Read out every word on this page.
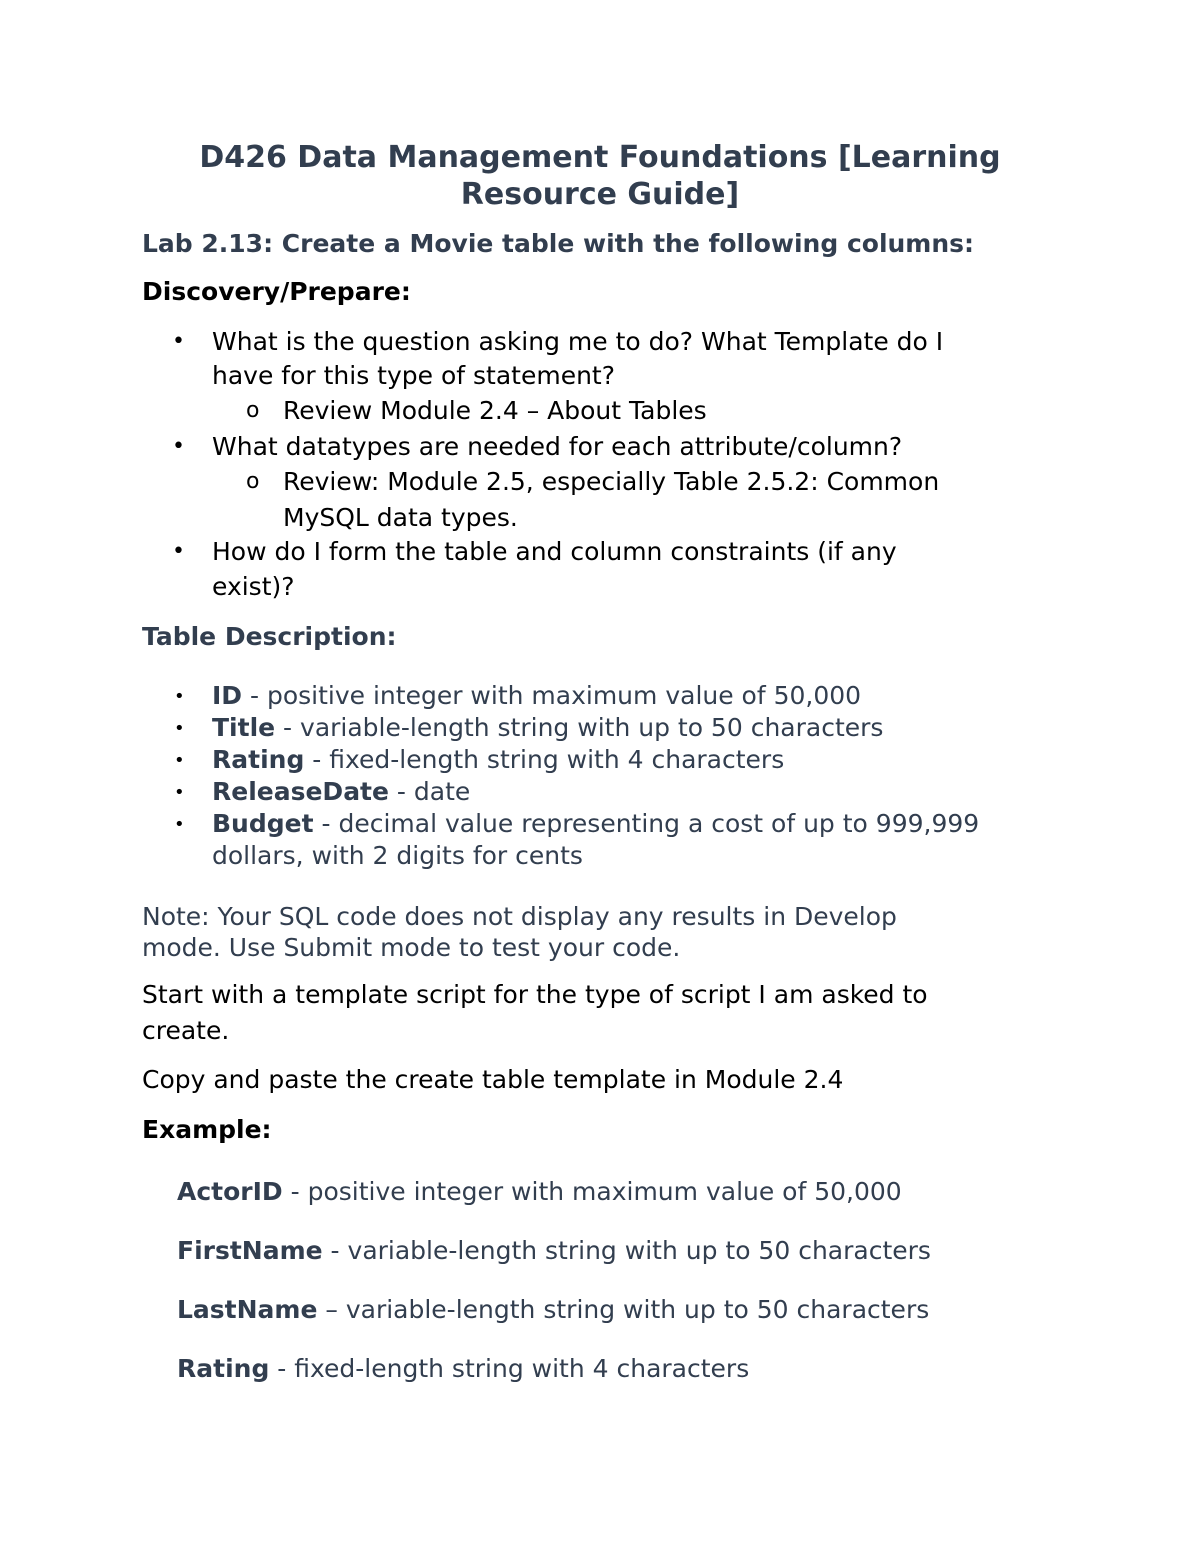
D426 Data Management Foundations [Learning Resource Guide]
Lab 2.13: Create a Movie table with the following columns:
Discovery/Prepare:
• What is the question asking me to do? What Template do I
have for this type of statement?
o Review Module 2.4 – About Tables
• What datatypes are needed for each attribute/column?
o Review: Module 2.5, especially Table 2.5.2: Common
MySQL data types.
• How do I form the table and column constraints (if any
exist)?
Table Description:
• ID - positive integer with maximum value of 50,000
• Title - variable-length string with up to 50 characters
• Rating - fixed-length string with 4 characters
• ReleaseDate - date
• Budget - decimal value representing a cost of up to 999,999
dollars, with 2 digits for cents
Note: Your SQL code does not display any results in Develop
mode. Use Submit mode to test your code.
Start with a template script for the type of script I am asked to
create.
Copy and paste the create table template in Module 2.4
Example:
ActorID - positive integer with maximum value of 50,000
FirstName - variable-length string with up to 50 characters
LastName – variable-length string with up to 50 characters
Rating - fixed-length string with 4 characters
